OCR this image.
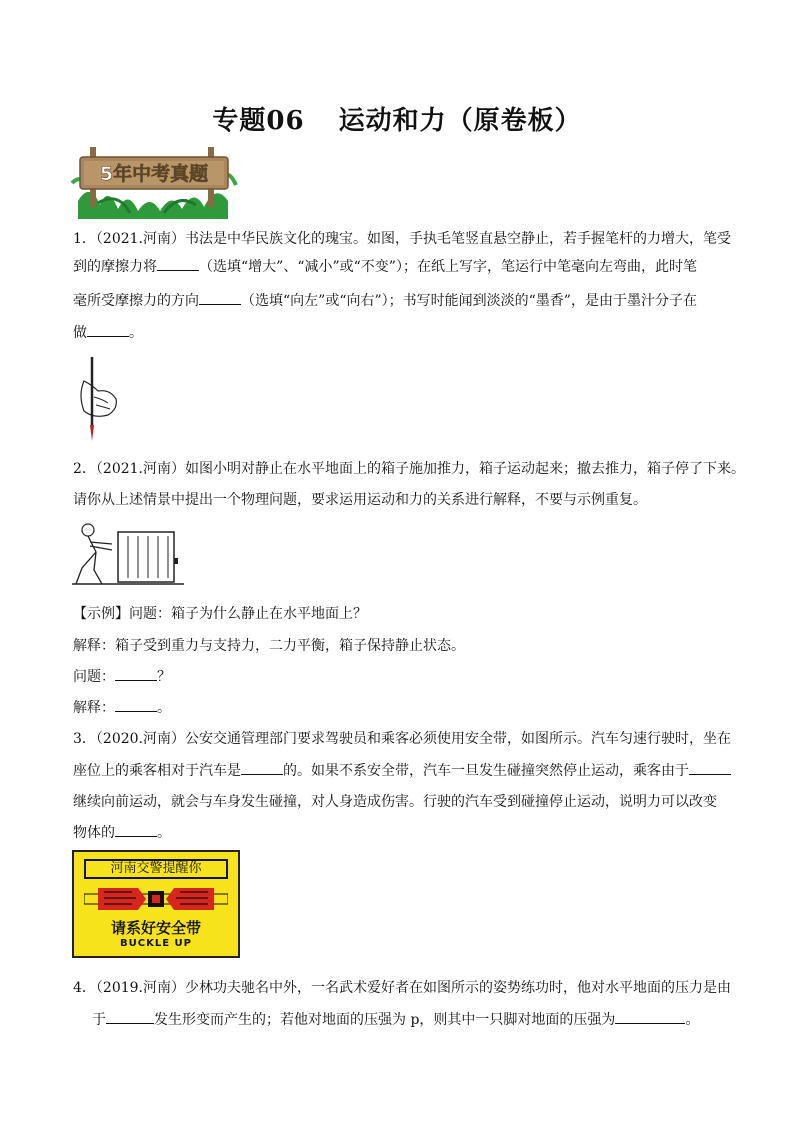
专题06 运动和力（原卷板）
5年中考真题

1．（2021.河南）书法是中华民族文化的瑰宝。如图，手执毛笔竖直悬空静止，若手握笔杆的力增大，笔受

到的摩擦力将	（选填“增大”、“减小”或“不变”）；在纸上写字，笔运行中笔毫向左弯曲，此时笔

毫所受摩擦力的方向	（选填“向左”或“向右”）；书写时能闻到淡淡的“墨香”，是由于墨汁分子在

做	。

2．（2021.河南）如图小明对静止在水平地面上的箱子施加推力，箱子运动起来；撤去推力，箱子停了下来。

请你从上述情景中提出一个物理问题，要求运用运动和力的关系进行解释，不要与示例重复。

【示例】问题：箱子为什么静止在水平地面上？

解释：箱子受到重力与支持力，二力平衡，箱子保持静止状态。

问题：	？

解释：	。

3．（2020.河南）公安交通管理部门要求驾驶员和乘客必须使用安全带，如图所示。汽车匀速行驶时，坐在

座位上的乘客相对于汽车是	的。如果不系安全带，汽车一旦发生碰撞突然停止运动，乘客由于

继续向前运动，就会与车身发生碰撞，对人身造成伤害。行驶的汽车受到碰撞停止运动，说明力可以改变

物体的	。

河南交警提醒你
请系好安全带
BUCKLE UP

4．（2019.河南）少林功夫驰名中外，一名武术爱好者在如图所示的姿势练功时，他对水平地面的压力是由

于	发生形变而产生的；若他对地面的压强为 p，则其中一只脚对地面的压强为	。
